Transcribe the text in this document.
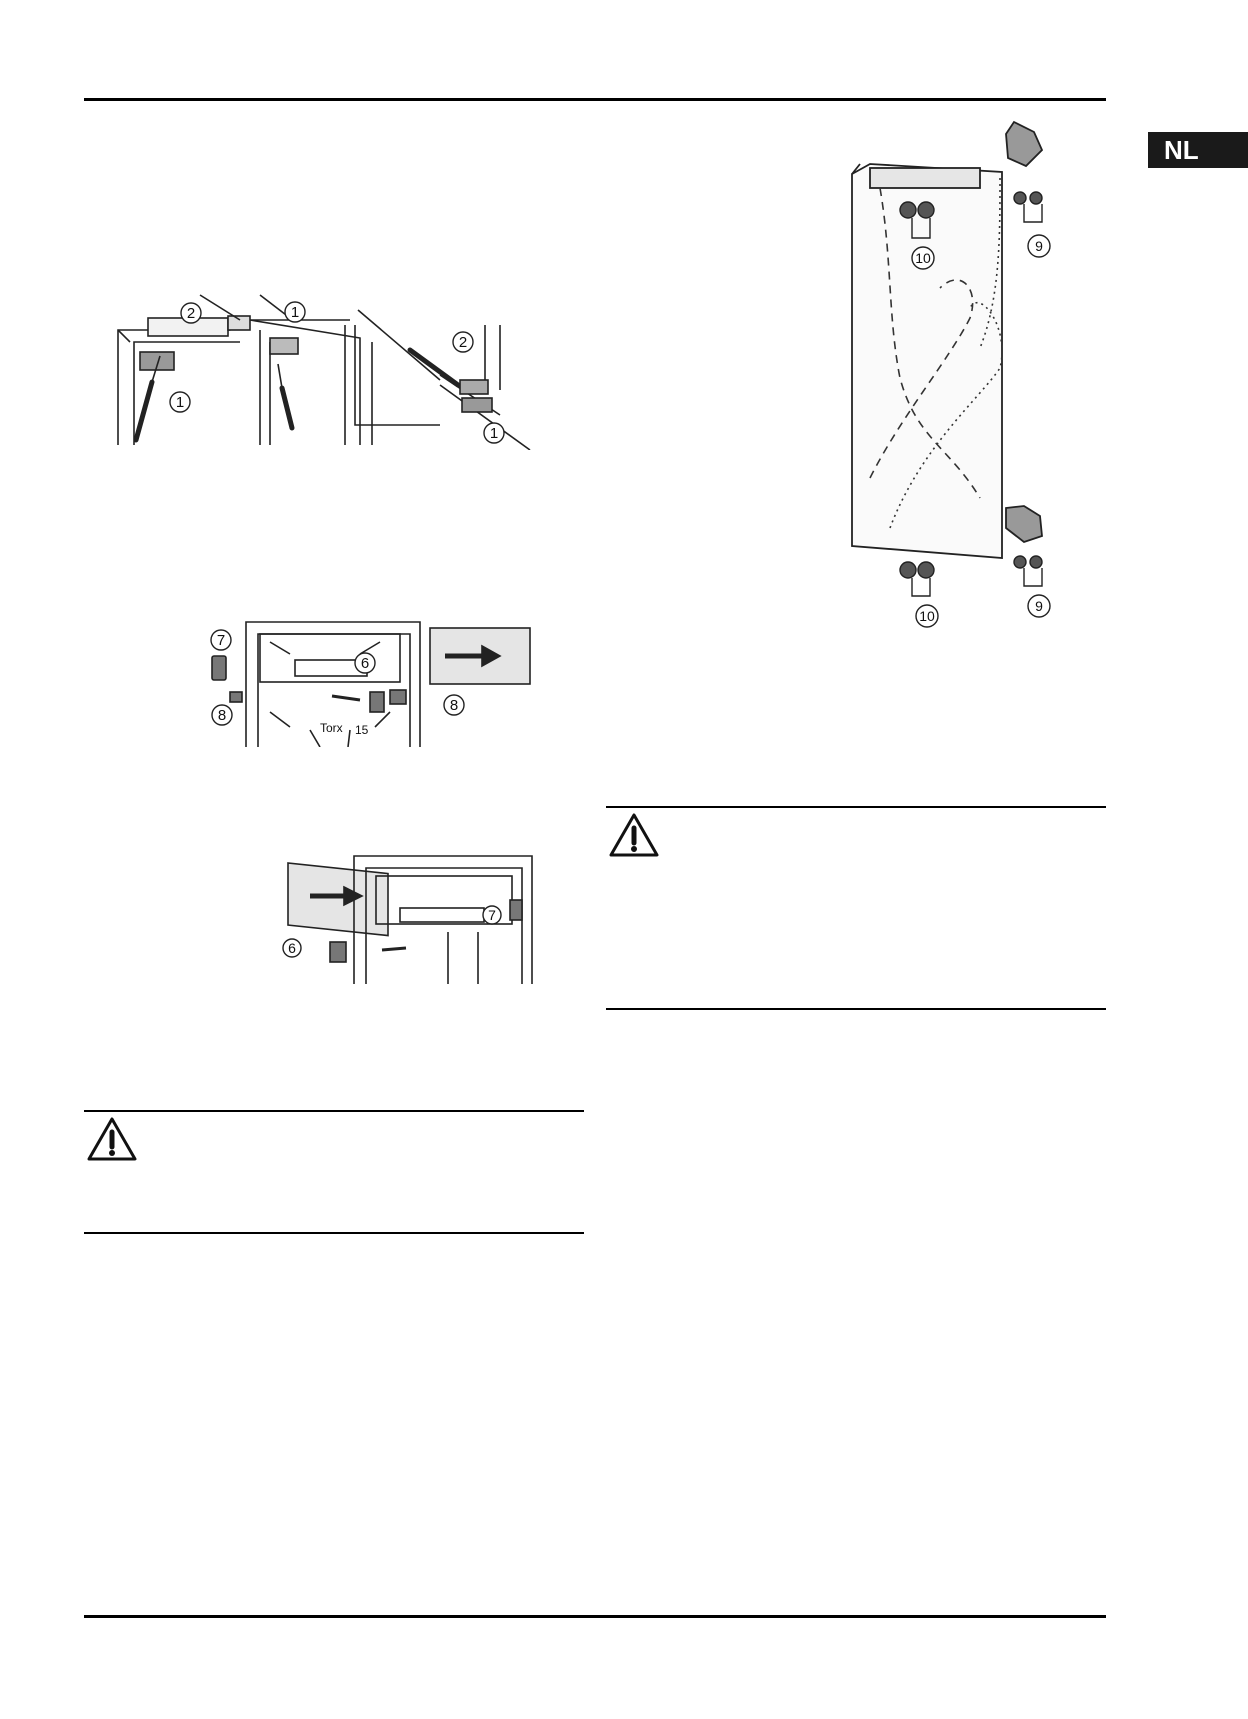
NL
2	1
1
2
1
7
8
6
8
Torx 15
6
7
10
9
10
9
